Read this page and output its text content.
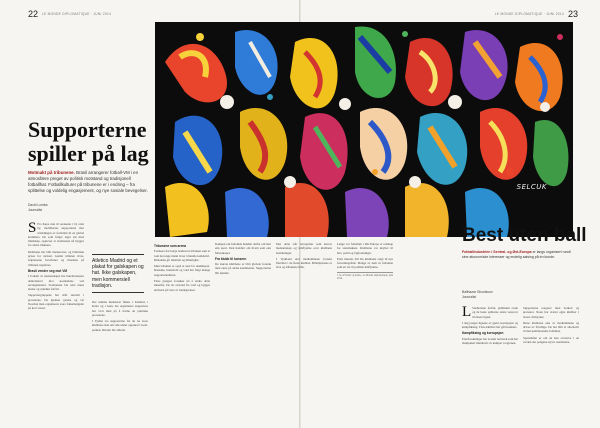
22 LE MONDE DIPLOMATIQUE · JUNI 2014	23
LE MONDE DIPLOMATIQUE · JUNI 2014
SELCUK
Supporterne spiller på lag

Motmakt på tribunene. Brasil arrangerer fotball-VM i en atmosfære preget av politisk motstand og tradisjonell fotballhat. Fotballkulturer på tribunene er i endring – fra splittelse og voldelig engasjement, og nye sosiale bevegelser.

David Lomba
Journalist

S Fra Kapa nok til arenaene i by etter by, mobiliseres supporterne mot utviklingen av fotballen til en global kommers. De som følger laget sitt med lidenskap, opplever at stadionene nå bygges for andre tilskuere.

Klubbene har blitt merkevarer, og billettene prises for turister. Gamle tribuner rives, ståplassene forsvinner og ritualene på tribunen reguleres.

Brasil vender seg mot VM

I forkant av mesterskapet har hundretusener demonstrert mot kostnadene ved arrangementet. Stadionene ble reist mens skoler og sykehus forfalt.

Supportergruppene har stått sentralt i protestene. De kjenner gatene og vet hvordan man organiserer store folkemengder på kort varsel.

Atletico Madrid og et plakat for galskapen og hat. Ikke galskapen, men kommersiell tradisjon.

Det samme mønsteret finnes i Istanbul, i Kairo og i Aten, der organiserte supportere har vært med på å forme de politiske protestene.

I Tyrkia sto supporterne fra de tre store klubbene side om side under opprøret i Gezi-parken. Rivaler ble allierte.

Tribunene som arena

Forskere har lenge beskrevet tribunen som et rom der unge menn lærer å handle kollektivt. Ritualene gir identitet og tilhørighet.

Men tribunen er også et sted for eksklusjon. Rasisme, homofobi og vold har fulgt mange supporterkulturer.

Flere grupper forsøker nå å endre dette innenfra. De tar avstand fra vold og bygger nettverk på tvers av landegrenser.

Kampen om fotballen handler derfor om mer enn sport. Den handler om hvem som eier fellesskapet.

Fra klubb til konsern

De største klubbene er blitt globale foretak med eiere på andre kontinenter. Supporterne blir kunder.

Mot dette står bevegelser som krever medeierskap og innflytelse over klubbens beslutninger.

I Tyskland eier medlemmene fortsatt flertallet i de fleste klubber. Billettprisene er lave og tribunene fulle.

Lenge var fotballen i Øst-Europa et redskap for statsmakten. Klubbene var knyttet til hær, politi og fagforeninger.

Etter murens fall ble klubbene solgt til nye forretningsfolk. Mange av dem så fotballen som en vei til politisk innflytelse.

1 Se «Fotball og makt», Le Monde diplomatique, juni 2014.
Best uten ball

Fotballindustrien i Sentral- og Øst-Europa er langs organisert rundt sine økonomiske interesser og endelig satsing på én kunde.

Balthazar Ghoulsson
Journalist

L Stadionene forfalt, publikum svant og de beste spillerne reiste vestover til rikere ligaer.

I dag preges ligaene av gjeld, korrupsjon og kampfiksing. Flere klubber har gått konkurs.

Kampfiksing og korrupsjon

Etterforskninger har avslørt nettverk som har manipulert hundrevis av kamper i regionen.

Supporterne reagerer med boikott og protester. Noen har startet egne klubber i lavere divisjoner.

Disse klubbene eies av medlemmene og drives av frivillige. De har blitt et alternativ til den kommersielle fotballen.

Spørsmålet er om de kan overleve i en verden der pengene styrer resultatene.
